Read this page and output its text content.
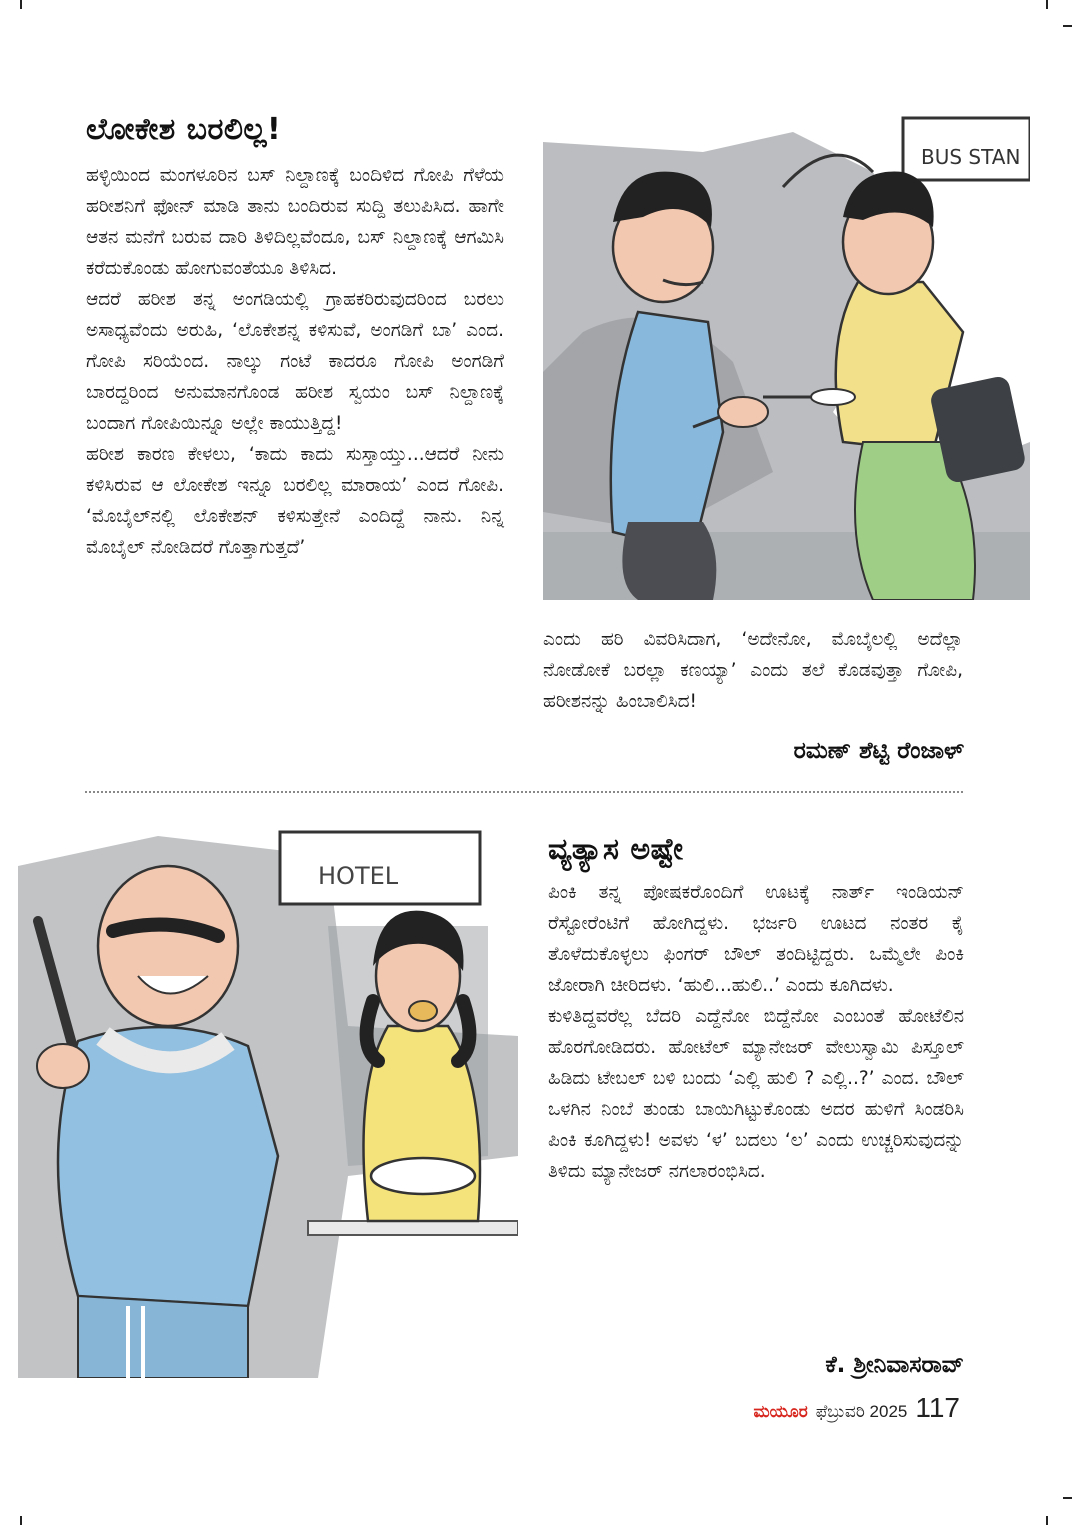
ಲೋಕೇಶ ಬರಲಿಲ್ಲ!

ಹಳ್ಳಿಯಿಂದ ಮಂಗಳೂರಿನ ಬಸ್ ನಿಲ್ದಾಣಕ್ಕೆ ಬಂದಿಳಿದ ಗೋಪಿ ಗೆಳೆಯ ಹರೀಶನಿಗೆ ಫೋನ್ ಮಾಡಿ ತಾನು ಬಂದಿರುವ ಸುದ್ದಿ ತಲುಪಿಸಿದ. ಹಾಗೇ ಆತನ ಮನೆಗೆ ಬರುವ ದಾರಿ ತಿಳಿದಿಲ್ಲವೆಂದೂ, ಬಸ್ ನಿಲ್ದಾಣಕ್ಕೆ ಆಗಮಿಸಿ ಕರೆದುಕೊಂಡು ಹೋಗುವಂತೆಯೂ ತಿಳಿಸಿದ.

ಆದರೆ ಹರೀಶ ತನ್ನ ಅಂಗಡಿಯಲ್ಲಿ ಗ್ರಾಹಕರಿರುವುದರಿಂದ ಬರಲು ಅಸಾಧ್ಯವೆಂದು ಅರುಹಿ, ‘ಲೊಕೇಶನ್ನ ಕಳಿಸುವೆ, ಅಂಗಡಿಗೆ ಬಾ’ ಎಂದ. ಗೋಪಿ ಸರಿಯೆಂದ. ನಾಲ್ಕು ಗಂಟೆ ಕಾದರೂ ಗೋಪಿ ಅಂಗಡಿಗೆ ಬಾರದ್ದರಿಂದ ಅನುಮಾನಗೊಂಡ ಹರೀಶ ಸ್ವಯಂ ಬಸ್ ನಿಲ್ದಾಣಕ್ಕೆ ಬಂದಾಗ ಗೋಪಿಯಿನ್ನೂ ಅಲ್ಲೇ ಕಾಯುತ್ತಿದ್ದ!

ಹರೀಶ ಕಾರಣ ಕೇಳಲು, ‘ಕಾದು ಕಾದು ಸುಸ್ತಾಯ್ತು...ಆದರೆ ನೀನು ಕಳಿಸಿರುವ ಆ ಲೋಕೇಶ ಇನ್ನೂ ಬರಲಿಲ್ಲ ಮಾರಾಯ’ ಎಂದ ಗೋಪಿ. ‘ಮೊಬೈಲ್‌ನಲ್ಲಿ ಲೊಕೇಶನ್ ಕಳಿಸುತ್ತೇನೆ ಎಂದಿದ್ದೆ ನಾನು. ನಿನ್ನ ಮೊಬೈಲ್ ನೋಡಿದರೆ ಗೊತ್ತಾಗುತ್ತದೆ’

BUS STAN

ಎಂದು ಹರಿ ವಿವರಿಸಿದಾಗ, ‘ಅದೇನೋ, ಮೊಬೈಲಲ್ಲಿ ಅದೆಲ್ಲಾ ನೋಡೋಕೆ ಬರಲ್ಲಾ ಕಣಯ್ಯಾ’ ಎಂದು ತಲೆ ಕೊಡವುತ್ತಾ ಗೋಪಿ, ಹರೀಶನನ್ನು ಹಿಂಬಾಲಿಸಿದ!

ರಮಣ್ ಶೆಟ್ಟಿ ರೆಂಜಾಳ್
HOTEL
ವ್ಯತ್ಯಾಸ ಅಷ್ಟೇ

ಪಿಂಕಿ ತನ್ನ ಪೋಷಕರೊಂದಿಗೆ ಊಟಕ್ಕೆ ನಾರ್ತ್ ಇಂಡಿಯನ್ ರೆಸ್ಟೋರೆಂಟಿಗೆ ಹೋಗಿದ್ದಳು. ಭರ್ಜರಿ ಊಟದ ನಂತರ ಕೈ ತೊಳೆದುಕೊಳ್ಳಲು ಫಿಂಗರ್ ಬೌಲ್ ತಂದಿಟ್ಟಿದ್ದರು. ಒಮ್ಮೆಲೇ ಪಿಂಕಿ ಜೋರಾಗಿ ಚೀರಿದಳು. ‘ಹುಲಿ...ಹುಲಿ..’ ಎಂದು ಕೂಗಿದಳು.

ಕುಳಿತಿದ್ದವರೆಲ್ಲ ಬೆದರಿ ಎದ್ದೆನೋ ಬಿದ್ದೆನೋ ಎಂಬಂತೆ ಹೋಟೆಲಿನ ಹೊರಗೋಡಿದರು. ಹೋಟೆಲ್ ಮ್ಯಾನೇಜರ್ ವೇಲುಸ್ವಾಮಿ ಪಿಸ್ತೂಲ್ ಹಿಡಿದು ಟೇಬಲ್ ಬಳಿ ಬಂದು ‘ಎಲ್ಲಿ ಹುಲಿ ? ಎಲ್ಲಿ..?’ ಎಂದ. ಬೌಲ್ ಒಳಗಿನ ನಿಂಬೆ ತುಂಡು ಬಾಯಿಗಿಟ್ಟುಕೊಂಡು ಅದರ ಹುಳಿಗೆ ಸಿಂಡರಿಸಿ ಪಿಂಕಿ ಕೂಗಿದ್ದಳು! ಅವಳು ‘ಳ’ ಬದಲು ‘ಲ’ ಎಂದು ಉಚ್ಚರಿಸುವುದನ್ನು ತಿಳಿದು ಮ್ಯಾನೇಜರ್ ನಗಲಾರಂಭಿಸಿದ.

ಕೆ. ಶ್ರೀನಿವಾಸರಾವ್
ಮಯೂರ ಫೆಬ್ರುವರಿ 2025 117
